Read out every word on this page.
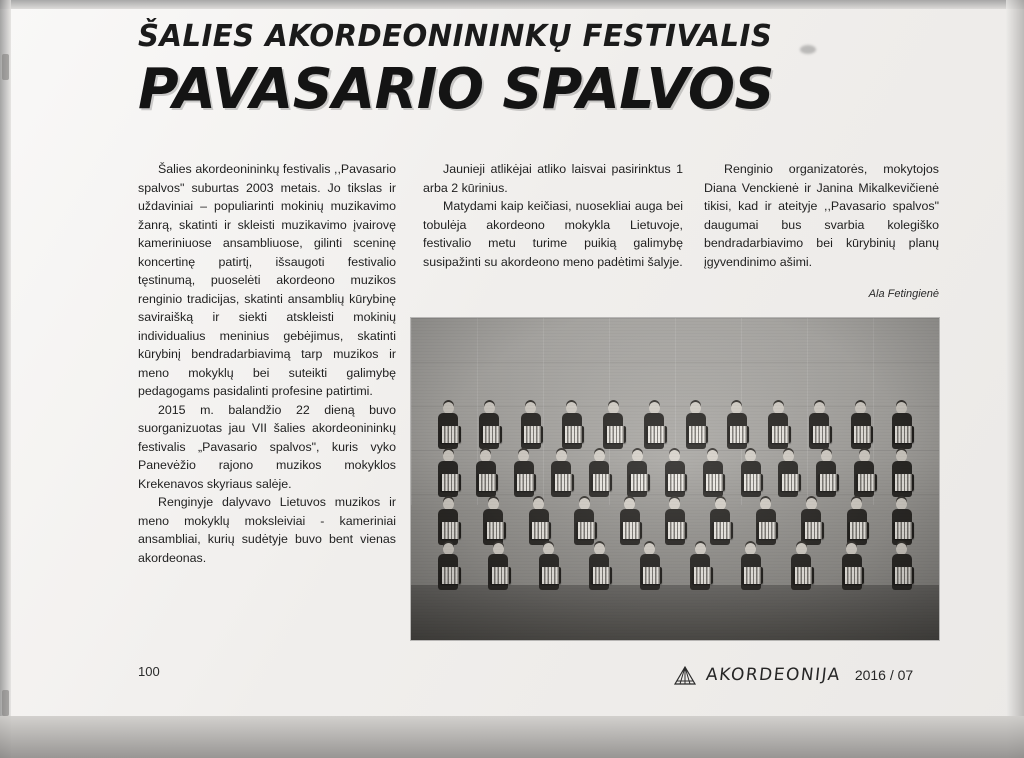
ŠALIES AKORDEONININKŲ FESTIVALIS
PAVASARIO SPALVOS

Šalies akordeonininkų festivalis ,,Pavasario spalvos" suburtas 2003 metais. Jo tikslas ir uždaviniai – populiarinti mokinių muzikavimo žanrą, skatinti ir skleisti muzikavimo įvairovę kameriniuose ansambliuose, gilinti sceninę koncertinę patirtį, išsaugoti festivalio tęstinumą, puoselėti akordeono muzikos renginio tradicijas, skatinti ansamblių kūrybinę saviraišką ir siekti atskleisti mokinių individualius meninius gebėjimus, skatinti kūrybinį bendradarbiavimą tarp muzikos ir meno mokyklų bei suteikti galimybę pedagogams pasidalinti profesine patirtimi.

2015 m. balandžio 22 dieną buvo suorganizuotas jau VII šalies akordeonininkų festivalis „Pavasario spalvos", kuris vyko Panevėžio rajono muzikos mokyklos Krekenavos skyriaus salėje.

Renginyje dalyvavo Lietuvos muzikos ir meno mokyklų moksleiviai - kameriniai ansambliai, kurių sudėtyje buvo bent vienas akordeonas.

Jaunieji atlikėjai atliko laisvai pasirinktus 1 arba 2 kūrinius.

Matydami kaip keičiasi, nuosekliai auga bei tobulėja akordeono mokykla Lietuvoje, festivalio metu turime puikią galimybę susipažinti su akordeono meno padėtimi šalyje.

Renginio organizatorės, mokytojos Diana Venckienė ir Janina Mikalkevičienė tikisi, kad ir ateityje ,,Pavasario spalvos" daugumai bus svarbia kolegiško bendradarbiavimo bei kūrybinių planų įgyvendinimo ašimi.

Ala Fetingienė
100	AKORDEONIJA 2016 / 07
